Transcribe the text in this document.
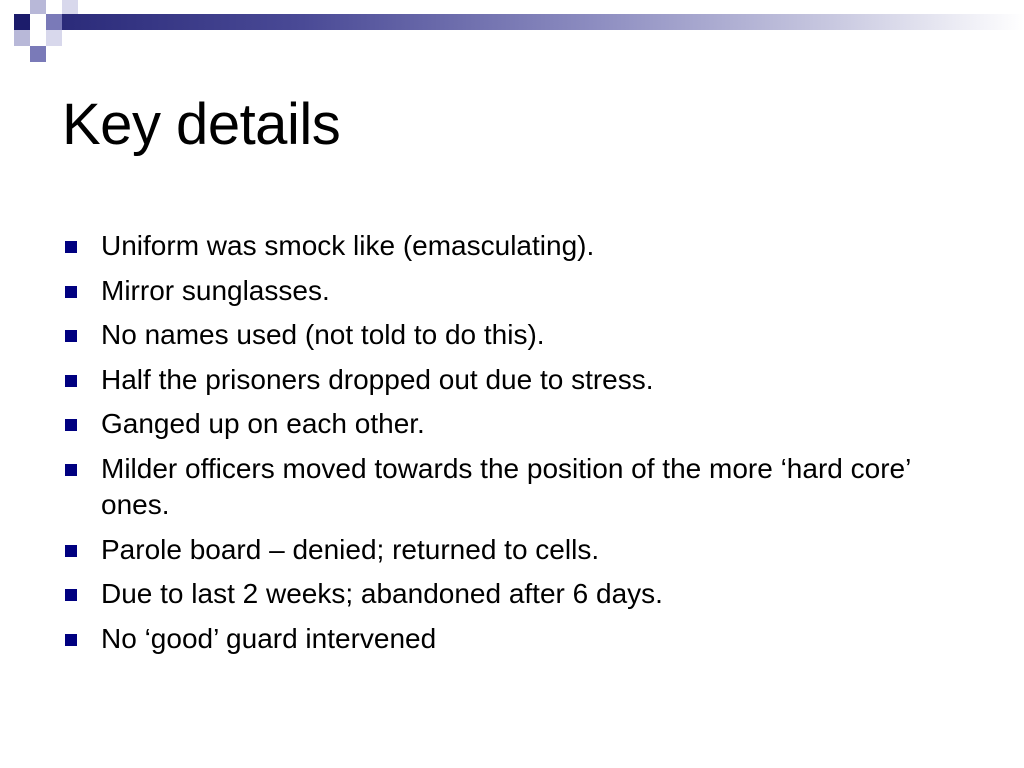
Key details
Uniform was smock like (emasculating).
Mirror sunglasses.
No names used (not told to do this).
Half the prisoners dropped out due to stress.
Ganged up on each other.
Milder officers moved towards the position of the more ‘hard core’ ones.
Parole board – denied; returned to cells.
Due to last 2 weeks; abandoned after 6 days.
No ‘good’ guard intervened
